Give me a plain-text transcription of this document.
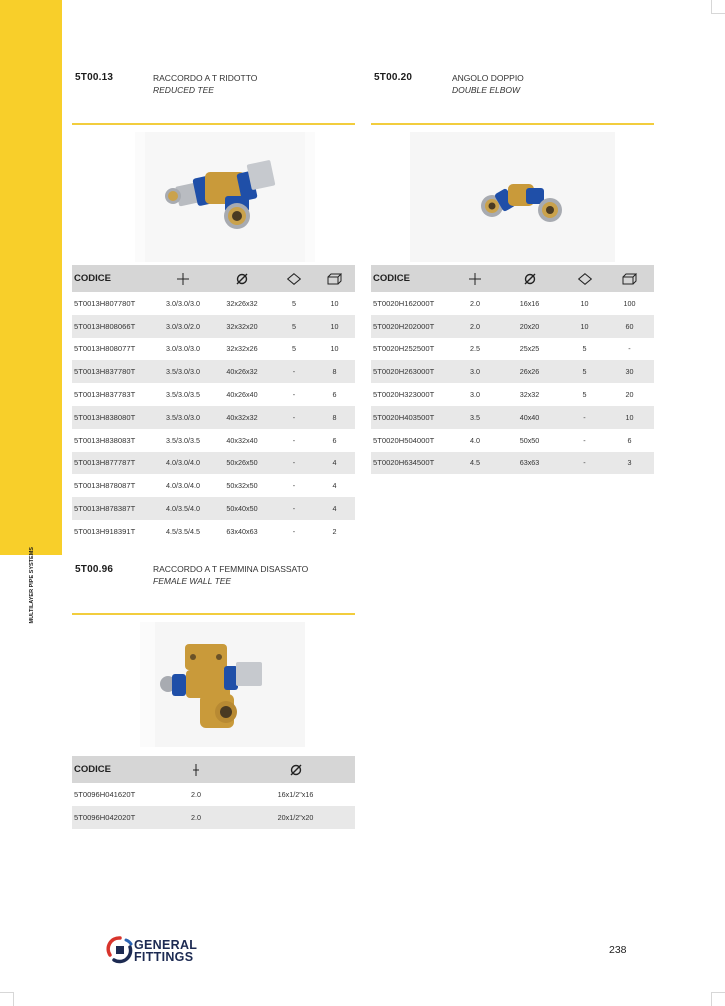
MULTILAYER PIPE SYSTEMS
5T00.13	RACCORDO A T RIDOTTO
REDUCED TEE
CODICE				
5T0013H807780T	3.0/3.0/3.0	32x26x32	5	10
5T0013H808066T	3.0/3.0/2.0	32x32x20	5	10
5T0013H808077T	3.0/3.0/3.0	32x32x26	5	10
5T0013H837780T	3.5/3.0/3.0	40x26x32	-	8
5T0013H837783T	3.5/3.0/3.5	40x26x40	-	6
5T0013H838080T	3.5/3.0/3.0	40x32x32	-	8
5T0013H838083T	3.5/3.0/3.5	40x32x40	-	6
5T0013H877787T	4.0/3.0/4.0	50x26x50	-	4
5T0013H878087T	4.0/3.0/4.0	50x32x50	-	4
5T0013H878387T	4.0/3.5/4.0	50x40x50	-	4
5T0013H918391T	4.5/3.5/4.5	63x40x63	-	2
5T00.20	ANGOLO DOPPIO
DOUBLE ELBOW
CODICE				
5T0020H162000T	2.0	16x16	10	100
5T0020H202000T	2.0	20x20	10	60
5T0020H252500T	2.5	25x25	5	-
5T0020H263000T	3.0	26x26	5	30
5T0020H323000T	3.0	32x32	5	20
5T0020H403500T	3.5	40x40	-	10
5T0020H504000T	4.0	50x50	-	6
5T0020H634500T	4.5	63x63	-	3
5T00.96	RACCORDO A T FEMMINA DISASSATO
FEMALE WALL TEE
CODICE		
5T0096H041620T	2.0	16x1/2"x16
5T0096H042020T	2.0	20x1/2"x20
GENERAL
FITTINGS	238
